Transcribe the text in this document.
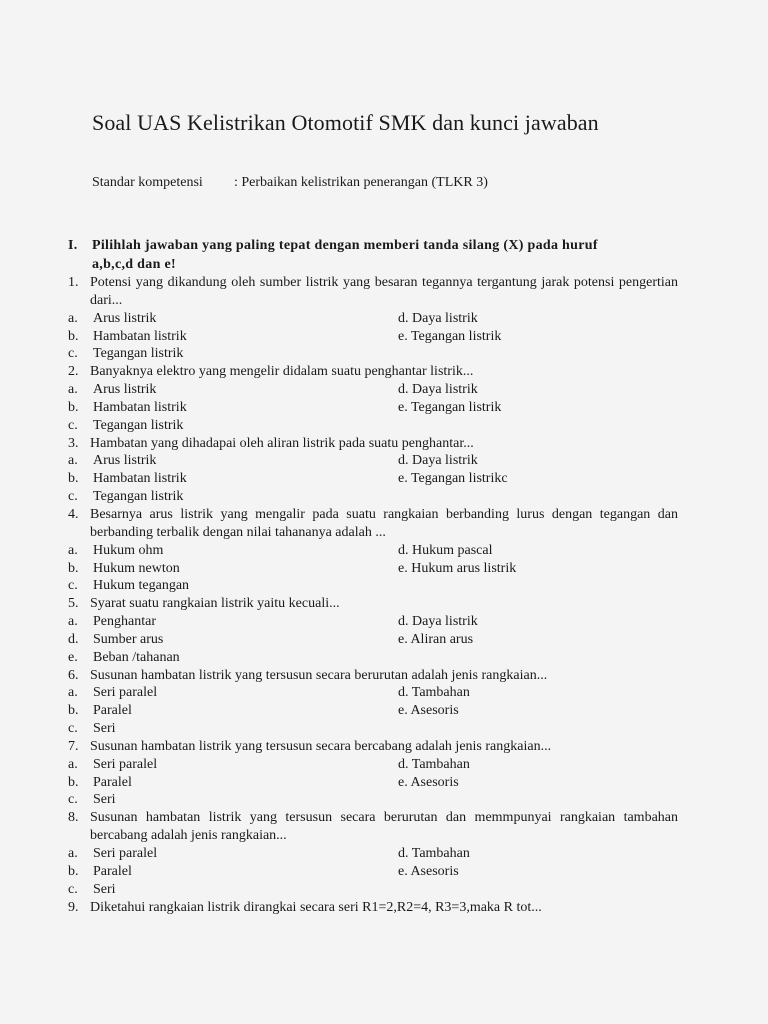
Soal UAS Kelistrikan Otomotif SMK dan kunci jawaban
Standar kompetensi	: Perbaikan kelistrikan penerangan (TLKR 3)
I. Pilihlah jawaban yang paling tepat dengan memberi tanda silang (X) pada huruf
a,b,c,d dan e!
1. Potensi yang dikandung oleh sumber listrik yang besaran tegannya tergantung jarak potensi pengertian dari...
a. Arus listrik	d. Daya listrik
b. Hambatan listrik	e. Tegangan listrik
c. Tegangan listrik
2. Banyaknya elektro yang mengelir didalam suatu penghantar listrik...
a. Arus listrik	d. Daya listrik
b. Hambatan listrik	e. Tegangan listrik
c. Tegangan listrik
3. Hambatan yang dihadapai oleh aliran listrik pada suatu penghantar...
a. Arus listrik	d. Daya listrik
b. Hambatan listrik	e. Tegangan listrikc
c. Tegangan listrik
4. Besarnya arus listrik yang mengalir pada suatu rangkaian berbanding lurus dengan tegangan dan berbanding terbalik dengan nilai tahananya adalah ...
a. Hukum ohm	d. Hukum pascal
b. Hukum newton	e. Hukum arus listrik
c. Hukum tegangan
5. Syarat suatu rangkaian listrik yaitu kecuali...
a. Penghantar	d. Daya listrik
d. Sumber arus	e. Aliran arus
e. Beban /tahanan
6. Susunan hambatan listrik yang tersusun secara berurutan adalah jenis rangkaian...
a. Seri paralel	d. Tambahan
b. Paralel	e. Asesoris
c. Seri
7. Susunan hambatan listrik yang tersusun secara bercabang adalah jenis rangkaian...
a. Seri paralel	d. Tambahan
b. Paralel	e. Asesoris
c. Seri
8. Susunan hambatan listrik yang tersusun secara berurutan dan memmpunyai rangkaian tambahan bercabang adalah jenis rangkaian...
a. Seri paralel	d. Tambahan
b. Paralel	e. Asesoris
c. Seri
9. Diketahui rangkaian listrik dirangkai secara seri R1=2,R2=4, R3=3,maka R tot...
